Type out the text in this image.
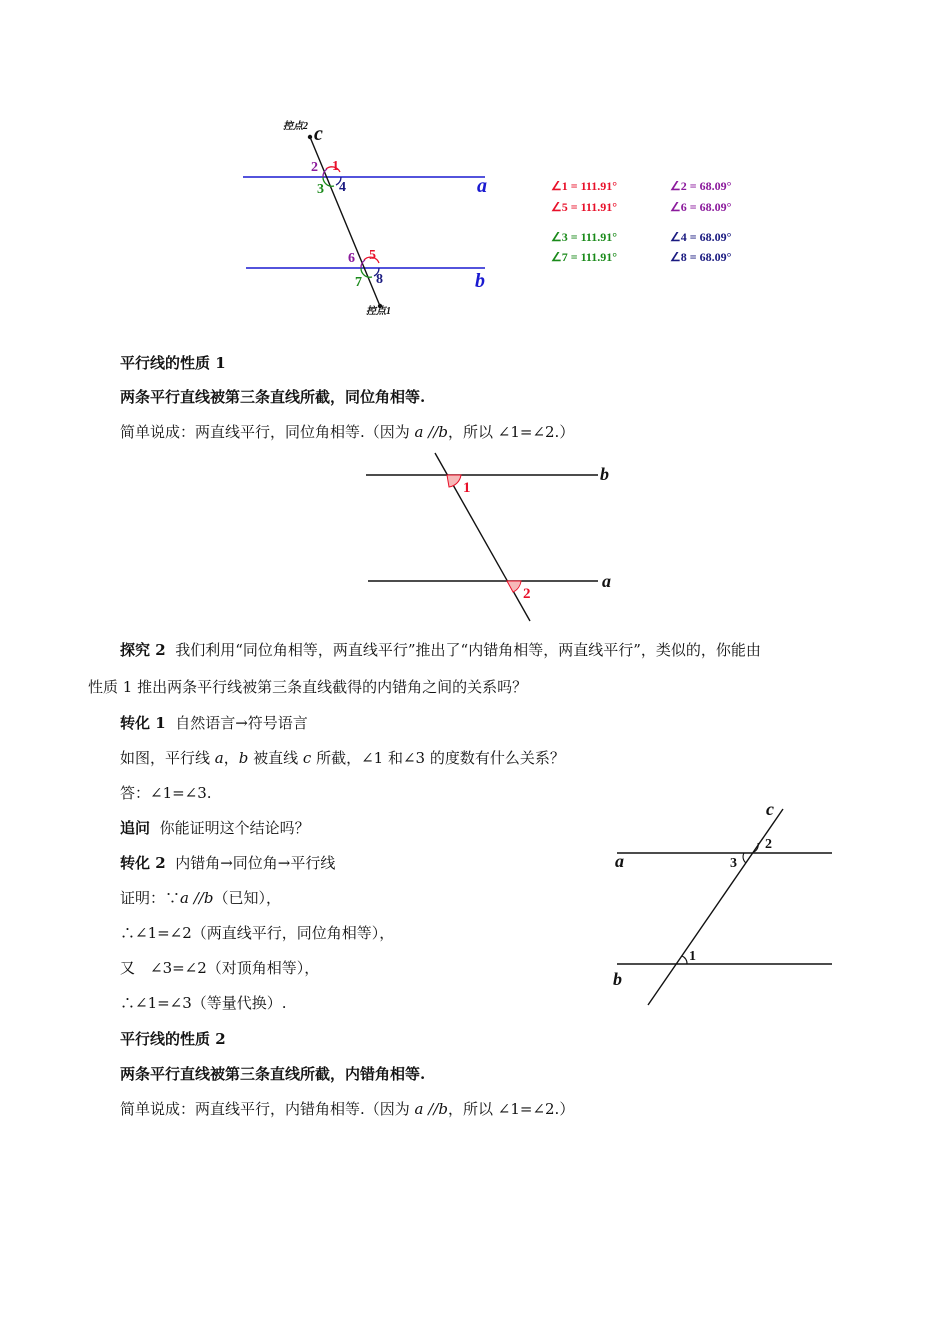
控点2
控点1
c
a
b
1
2
3 4
5
6
7 8
∠1 = 111.91°	∠2 = 68.09°
∠5 = 111.91°	∠6 = 68.09°
∠3 = 111.91°	∠4 = 68.09°
∠7 = 111.91°	∠8 = 68.09°
平行线的性质 1
两条平行直线被第三条直线所截，同位角相等.
简单说成：两直线平行，同位角相等.（因为 a //b，所以 ∠1=∠2.）
b
a
1
2
探究 2 我们利用“同位角相等，两直线平行”推出了“内错角相等，两直线平行”，类似的，你能由
性质 1 推出两条平行线被第三条直线截得的内错角之间的关系吗？
转化 1 自然语言→符号语言
如图，平行线 a，b 被直线 c 所截，∠1 和∠3 的度数有什么关系？
答：∠1=∠3.
追问 你能证明这个结论吗？
转化 2 内错角→同位角→平行线
证明：∵a //b（已知），
∴∠1=∠2（两直线平行，同位角相等），
又　∠3=∠2（对顶角相等），
∴∠1=∠3（等量代换）.
c
a
b
2
3
1
平行线的性质 2
两条平行直线被第三条直线所截，内错角相等.
简单说成：两直线平行，内错角相等.（因为 a //b，所以 ∠1=∠2.）
